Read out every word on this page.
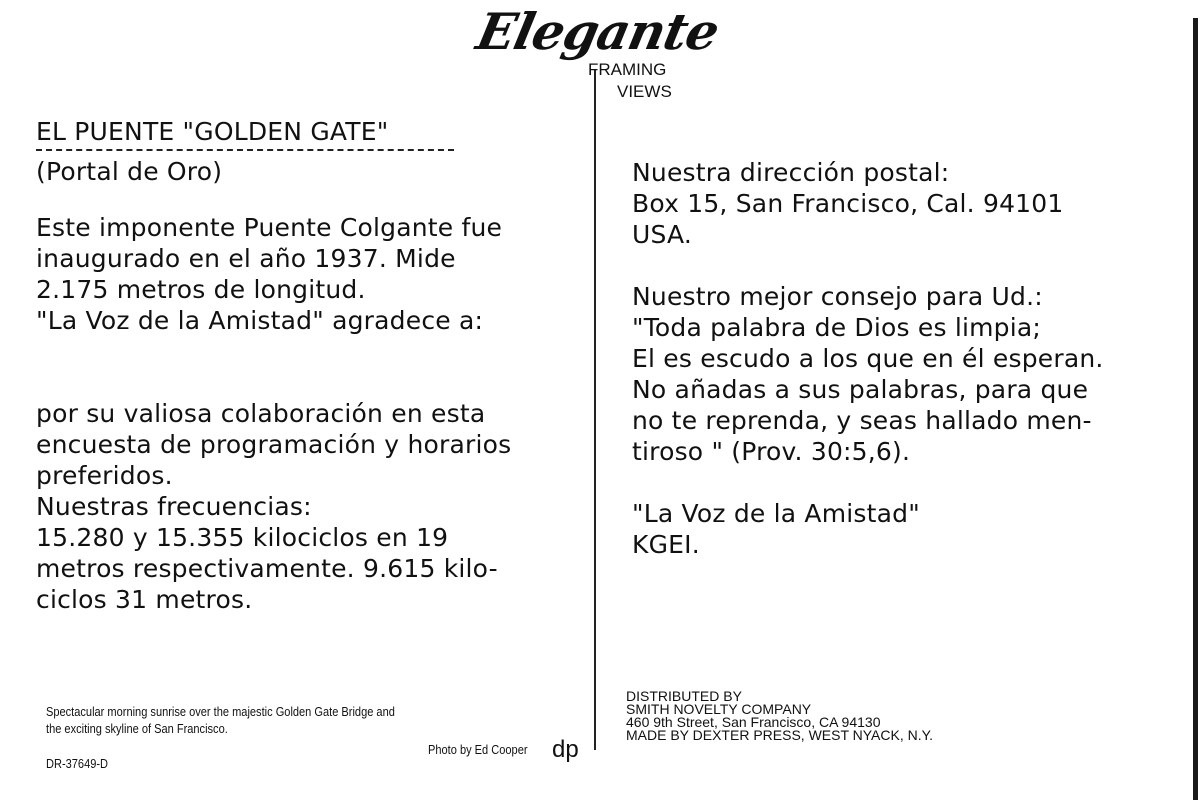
Elegante
FRAMING
VIEWS
EL PUENTE "GOLDEN GATE"
(Portal de Oro)
Este imponente Puente Colgante fue
inaugurado en el año 1937. Mide
2.175 metros de longitud.
"La Voz de la Amistad" agradece a:
por su valiosa colaboración en esta
encuesta de programación y horarios
preferidos.
Nuestras frecuencias:
15.280 y 15.355 kilociclos en 19
metros respectivamente. 9.615 kilo-
ciclos 31 metros.
Nuestra dirección postal:
Box 15, San Francisco, Cal. 94101
USA.
Nuestro mejor consejo para Ud.:
"Toda palabra de Dios es limpia;
El es escudo a los que en él esperan.
No añadas a sus palabras, para que
no te reprenda, y seas hallado men-
tiroso " (Prov. 30:5,6).
"La Voz de la Amistad"
KGEI.
Spectacular morning sunrise over the majestic Golden Gate Bridge and
the exciting skyline of San Francisco.
Photo by Ed Cooper
DR-37649-D
dp
DISTRIBUTED BY
SMITH NOVELTY COMPANY
460 9th Street, San Francisco, CA 94130
MADE BY DEXTER PRESS, WEST NYACK, N.Y.
